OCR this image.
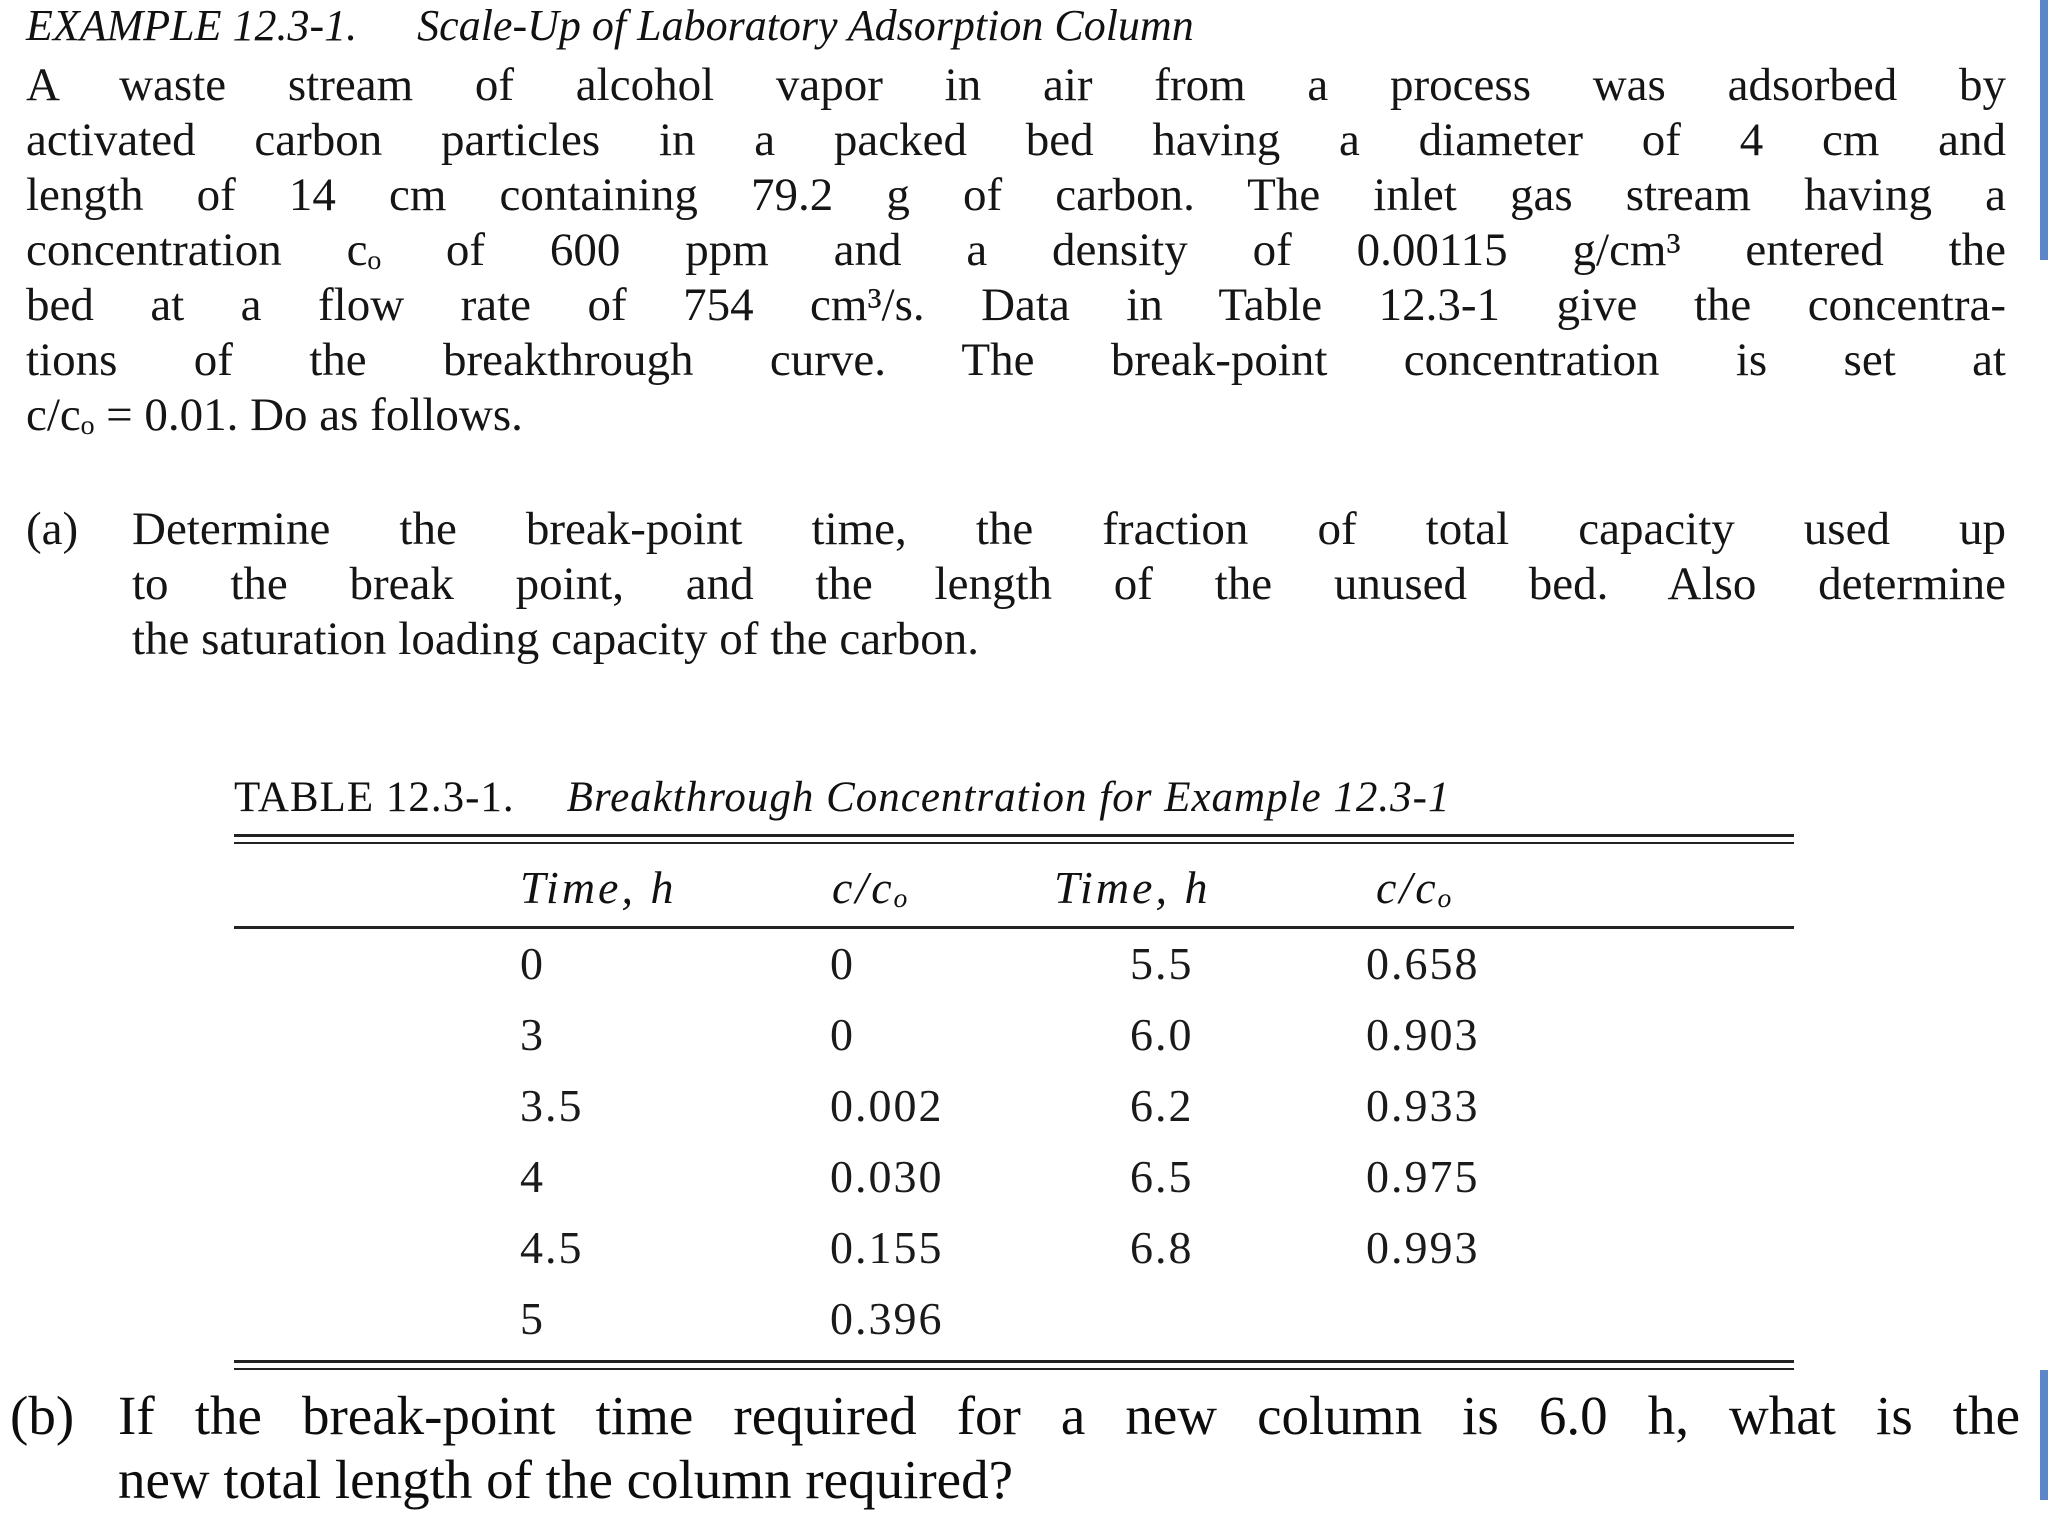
EXAMPLE 12.3-1. Scale-Up of Laboratory Adsorption Column
A waste stream of alcohol vapor in air from a process was adsorbed by
activated carbon particles in a packed bed having a diameter of 4 cm and
length of 14 cm containing 79.2 g of carbon. The inlet gas stream having a
concentration cₒ of 600 ppm and a density of 0.00115 g/cm³ entered the
bed at a flow rate of 754 cm³/s. Data in Table 12.3-1 give the concentra-
tions of the breakthrough curve. The break-point concentration is set at
c/cₒ = 0.01. Do as follows.
(a) Determine the break-point time, the fraction of total capacity used up
to the break point, and the length of the unused bed. Also determine
the saturation loading capacity of the carbon.
TABLE 12.3-1. Breakthrough Concentration for Example 12.3-1
Time, h	c/cₒ	Time, h	c/cₒ
0	0	5.5	0.658
3	0	6.0	0.903
3.5	0.002	6.2	0.933
4	0.030	6.5	0.975
4.5	0.155	6.8	0.993
5	0.396
(b) If the break-point time required for a new column is 6.0 h, what is the
new total length of the column required?
